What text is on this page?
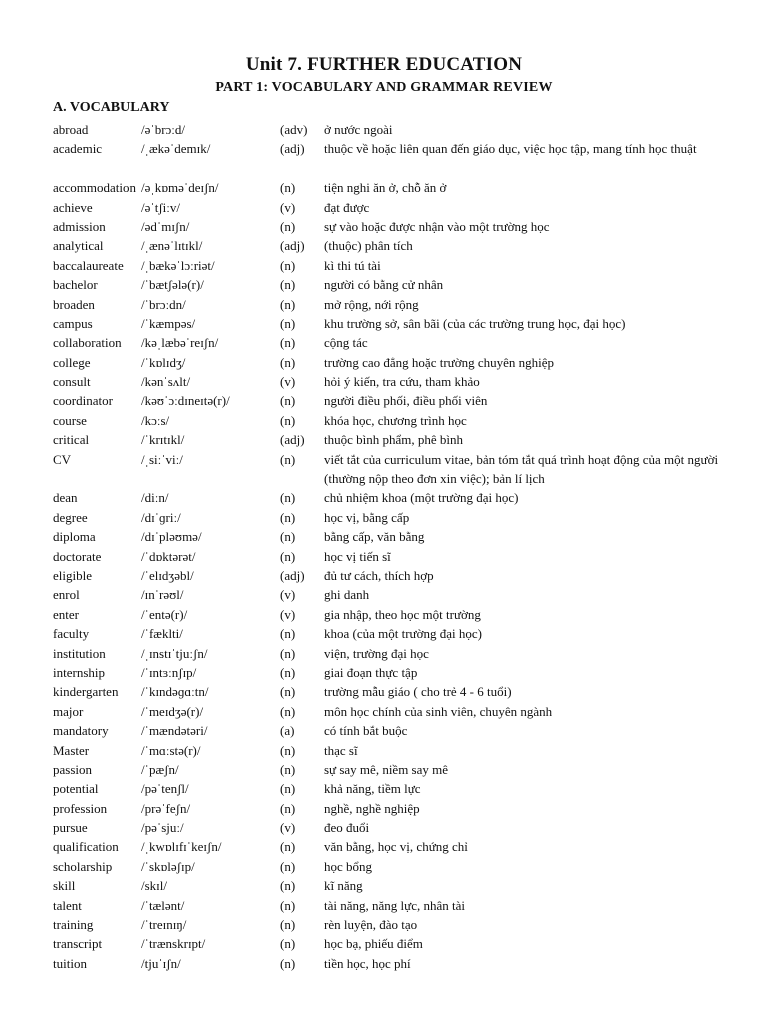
Unit 7. FURTHER EDUCATION
PART 1: VOCABULARY AND GRAMMAR REVIEW
A. VOCABULARY
abroad	/əˈbrɔːd/	(adv) ở nước ngoài
academic	/ˌækəˈdemɪk/	(adj) thuộc về hoặc liên quan đến giáo dục, việc học tập, mang tính học thuật
accommodation /əˌkɒməˈdeɪʃn/	(n) tiện nghi ăn ở, chỗ ăn ở
achieve	/əˈtʃiːv/	(v) đạt được
admission	/ədˈmɪʃn/	(n) sự vào hoặc được nhận vào một trường học
analytical	/ˌænəˈlɪtɪkl/	(adj) (thuộc) phân tích
baccalaureate /ˌbækəˈlɔːriət/	(n) kì thi tú tài
bachelor	/ˈbætʃələ(r)/	(n) người có bằng cử nhân
broaden	/ˈbrɔːdn/	(n) mở rộng, nới rộng
campus	/ˈkæmpəs/	(n) khu trường sở, sân bãi (của các trường trung học, đại học)
collaboration /kəˌlæbəˈreɪʃn/	(n) cộng tác
college	/ˈkɒlɪdʒ/	(n) trường cao đẳng hoặc trường chuyên nghiệp
consult	/kənˈsʌlt/	(v) hỏi ý kiến, tra cứu, tham khảo
coordinator /kəʊˈɔːdɪneɪtə(r)/	(n) người điều phối, điều phối viên
course	/kɔːs/	(n) khóa học, chương trình học
critical	/ˈkrɪtɪkl/	(adj) thuộc bình phẩm, phê bình
CV	/ˌsiːˈviː/	(n) viết tắt của curriculum vitae, bản tóm tắt quá trình hoạt động của một người (thường nộp theo đơn xin việc); bản lí lịch
dean	/diːn/	(n) chủ nhiệm khoa (một trường đại học)
degree	/dɪˈɡriː/	(n) học vị, bằng cấp
diploma	/dɪˈpləʊmə/	(n) bằng cấp, văn bằng
doctorate	/ˈdɒktərət/	(n) học vị tiến sĩ
eligible	/ˈelɪdʒəbl/	(adj) đủ tư cách, thích hợp
enrol	/ɪnˈrəʊl/	(v) ghi danh
enter	/ˈentə(r)/	(v) gia nhập, theo học một trường
faculty	/ˈfæklti/	(n) khoa (của một trường đại học)
institution	/ˌɪnstɪˈtjuːʃn/	(n) viện, trường đại học
internship	/ˈɪntɜːnʃɪp/	(n) giai đoạn thực tập
kindergarten /ˈkɪndəɡɑːtn/	(n) trường mẫu giáo ( cho trẻ 4 - 6 tuổi)
major	/ˈmeɪdʒə(r)/	(n) môn học chính của sinh viên, chuyên ngành
mandatory /ˈmændətəri/	(a) có tính bắt buộc
Master	/ˈmɑːstə(r)/	(n) thạc sĩ
passion	/ˈpæʃn/	(n) sự say mê, niềm say mê
potential	/pəˈtenʃl/	(n) khả năng, tiềm lực
profession	/prəˈfeʃn/	(n) nghề, nghề nghiệp
pursue	/pəˈsjuː/	(v) đeo đuổi
qualification /ˌkwɒlɪfɪˈkeɪʃn/	(n) văn bằng, học vị, chứng chỉ
scholarship /ˈskɒləʃɪp/	(n) học bổng
skill	/skɪl/	(n) kĩ năng
talent	/ˈtælənt/	(n) tài năng, năng lực, nhân tài
training	/ˈtreɪnɪŋ/	(n) rèn luyện, đào tạo
transcript	/ˈtrænskrɪpt/	(n) học bạ, phiếu điểm
tuition	/tjuˈɪʃn/	(n) tiền học, học phí
